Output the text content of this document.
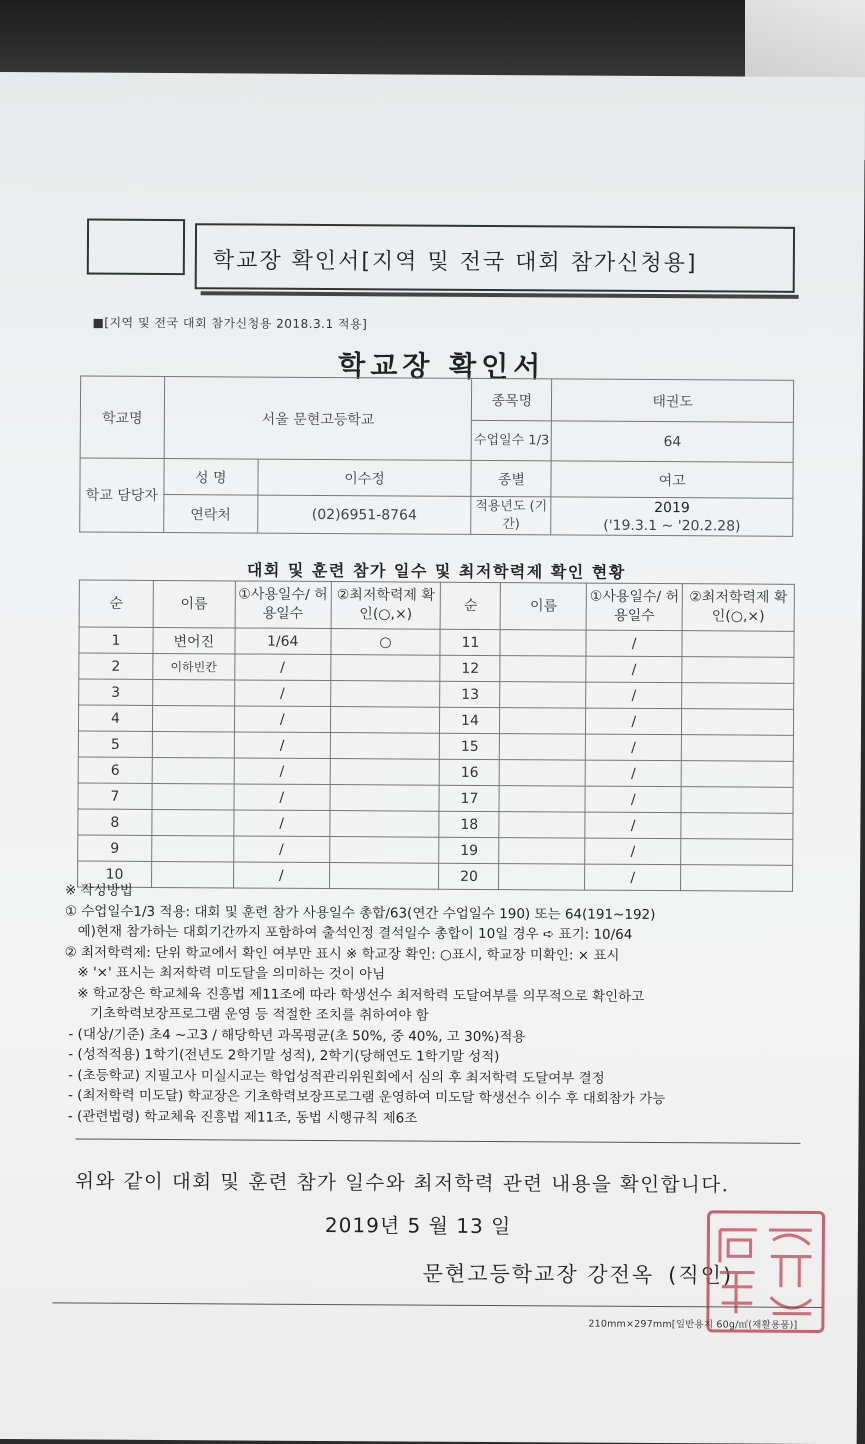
학교장 확인서[지역 및 전국 대회 참가신청용]
■[지역 및 전국 대회 참가신청용 2018.3.1 적용]
학교장 확인서
학교명	서울 문현고등학교		종목명	태권도
			수업일수 1/3	64
학교 담당자	성 명	이수정	종별	여고
	연락처	(02)6951-8764	적용년도 (기간)	2019
('19.3.1 ~ '20.2.28)
대회 및 훈련 참가 일수 및 최저학력제 확인 현황
순	이름	①사용일수/ 허용일수	②최저학력제 확인(○,×)	순	이름	①사용일수/ 허용일수	②최저학력제 확인(○,×)
1	변어진	1/64	○	11		/	
2	이하빈칸	/		12		/	
3		/		13		/	
4		/		14		/	
5		/		15		/	
6		/		16		/	
7		/		17		/	
8		/		18		/	
9		/		19		/	
10		/		20		/	
※ 작성방법
① 수업일수1/3 적용: 대회 및 훈련 참가 사용일수 총합/63(연간 수업일수 190) 또는 64(191~192)
예)현재 참가하는 대회기간까지 포함하여 출석인정 결석일수 총합이 10일 경우 ➪ 표기: 10/64
② 최저학력제: 단위 학교에서 확인 여부만 표시 ※ 학교장 확인: ○표시, 학교장 미확인: × 표시
※ '×' 표시는 최저학력 미도달을 의미하는 것이 아님
※ 학교장은 학교체육 진흥법 제11조에 따라 학생선수 최저학력 도달여부를 의무적으로 확인하고
기초학력보장프로그램 운영 등 적절한 조치를 취하여야 함
- (대상/기준) 초4 ~고3 / 해당학년 과목평균(초 50%, 중 40%, 고 30%)적용
- (성적적용) 1학기(전년도 2학기말 성적), 2학기(당해연도 1학기말 성적)
- (초등학교) 지필고사 미실시교는 학업성적관리위원회에서 심의 후 최저학력 도달여부 결정
- (최저학력 미도달) 학교장은 기초학력보장프로그램 운영하여 미도달 학생선수 이수 후 대회참가 가능
- (관련법령) 학교체육 진흥법 제11조, 동법 시행규칙 제6조
위와 같이 대회 및 훈련 참가 일수와 최저학력 관련 내용을 확인합니다.
2019년 5 월 13 일
문현고등학교장 강전옥 (직인)
210mm×297mm[일반용지 60g/㎡(재활용품)]
